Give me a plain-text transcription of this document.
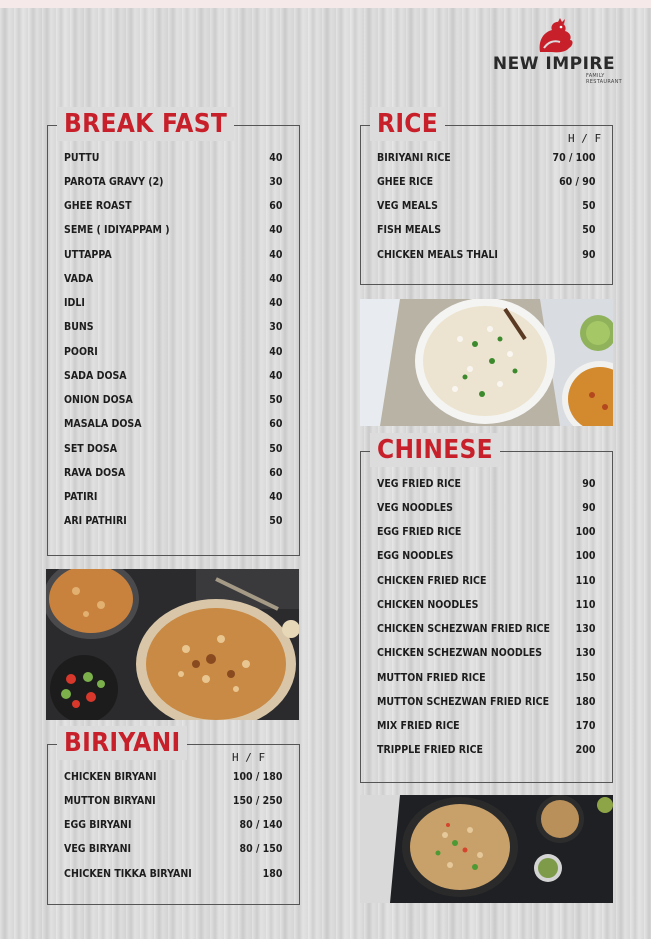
NEW IMPIRE
FAMILY RESTAURANT
BREAK FAST
PUTTU	40
PAROTA GRAVY (2)	30
GHEE ROAST	60
SEME ( IDIYAPPAM )	40
UTTAPPA	40
VADA	40
IDLI	40
BUNS	30
POORI	40
SADA DOSA	40
ONION DOSA	50
MASALA DOSA	60
SET DOSA	50
RAVA DOSA	60
PATIRI	40
ARI PATHIRI	50
RICE	H / F
BIRIYANI RICE	70 / 100
GHEE RICE	60 / 90
VEG MEALS	50
FISH MEALS	50
CHICKEN MEALS THALI	90
CHINESE
VEG FRIED RICE	90
VEG NOODLES	90
EGG FRIED RICE	100
EGG NOODLES	100
CHICKEN FRIED RICE	110
CHICKEN NOODLES	110
CHICKEN SCHEZWAN FRIED RICE 130
CHICKEN SCHEZWAN NOODLES	130
MUTTON FRIED RICE	150
MUTTON SCHEZWAN FRIED RICE 180
MIX FRIED RICE	170
TRIPPLE FRIED RICE	200
BIRIYANI	H / F
CHICKEN BIRYANI	100 / 180
MUTTON BIRYANI	150 / 250
EGG BIRYANI	80 / 140
VEG BIRYANI	80 / 150
CHICKEN TIKKA BIRYANI	180
